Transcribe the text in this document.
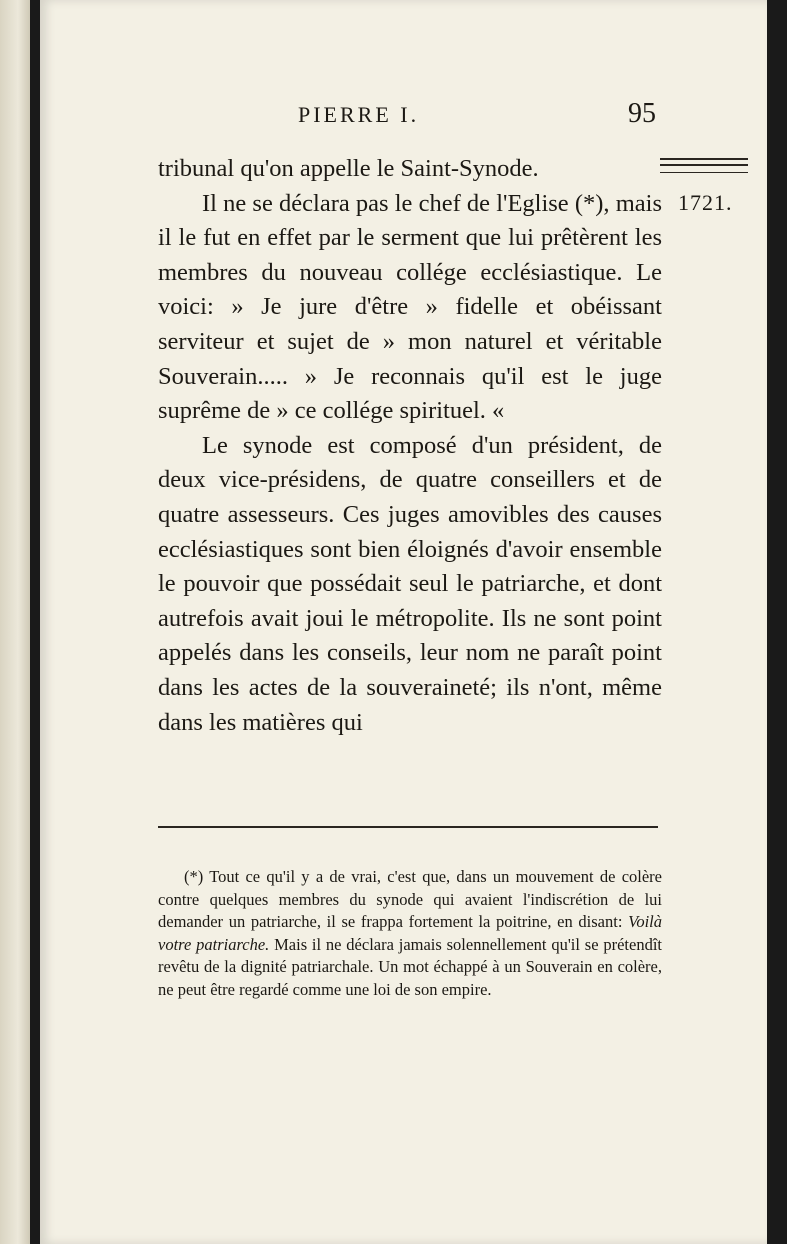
PIERRE I.	95
1721.

tribunal qu'on appelle le Saint-Synode.

Il ne se déclara pas le chef de l'Eglise (*), mais il le fut en effet par le serment que lui prêtèrent les membres du nouveau collége ecclésiastique. Le voici: » Je jure d'être » fidelle et obéissant serviteur et sujet de » mon naturel et véritable Souverain..... » Je reconnais qu'il est le juge suprême de » ce collége spirituel. «

Le synode est composé d'un président, de deux vice-présidens, de quatre conseillers et de quatre assesseurs. Ces juges amovibles des causes ecclésiastiques sont bien éloignés d'avoir ensemble le pouvoir que possédait seul le patriarche, et dont autrefois avait joui le métropolite. Ils ne sont point appelés dans les conseils, leur nom ne paraît point dans les actes de la souveraineté; ils n'ont, même dans les matières qui

(*) Tout ce qu'il y a de vrai, c'est que, dans un mouvement de colère contre quelques membres du synode qui avaient l'indiscrétion de lui demander un patriarche, il se frappa fortement la poitrine, en disant: Voilà votre patriarche. Mais il ne déclara jamais solennellement qu'il se prétendît revêtu de la dignité patriarchale. Un mot échappé à un Souverain en colère, ne peut être regardé comme une loi de son empire.
